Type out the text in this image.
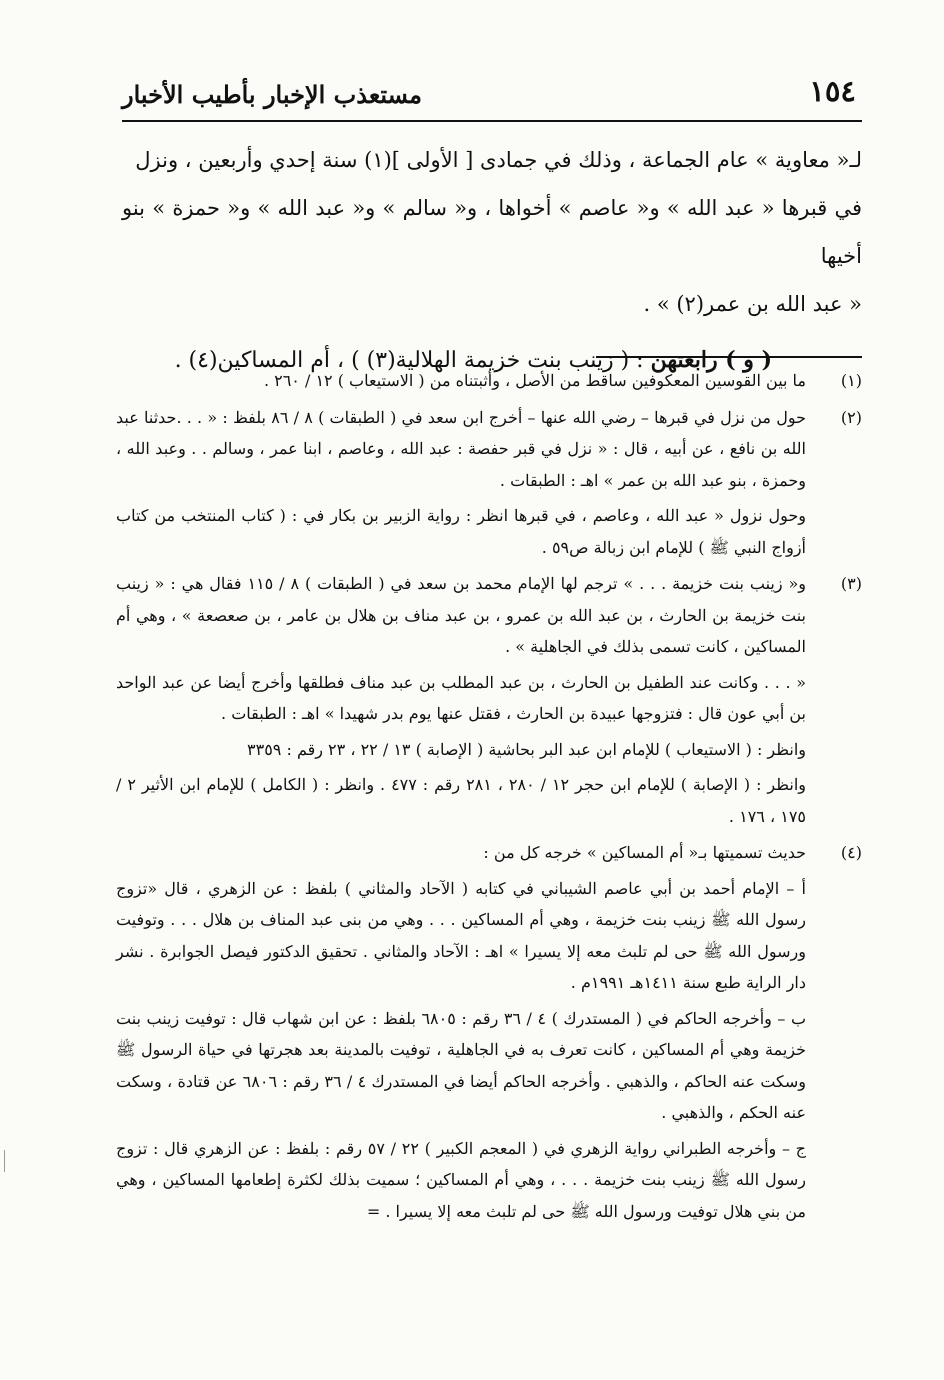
١٥٤
مستعذب الإخبار بأطيب الأخبار

لـ« معاوية » عام الجماعة ، وذلك في جمادى [ الأولى ](١) سنة إحدي وأربعين ، ونزل

في قبرها « عبد الله » و« عاصم » أخواها ، و« سالم » و« عبد الله » و« حمزة » بنو أخيها

« عبد الله بن عمر(٢) » .

( و ) رابعتهن : ( زينب بنت خزيمة الهلالية(٣) ) ، أم المساكين(٤) .

(١)

ما بين القوسين المعكوفين ساقط من الأصل ، وأثبتناه من ( الاستيعاب ) ١٢ / ٢٦٠ .

(٢)

حول من نزل في قبرها – رضي الله عنها – أخرج ابن سعد في ( الطبقات ) ٨ / ٨٦ بلفظ : « . . .حدثنا عبد الله بن نافع ، عن أبيه ، قال : « نزل في قبر حفصة : عبد الله ، وعاصم ، ابنا عمر ، وسالم . . وعبد الله ، وحمزة ، بنو عبد الله بن عمر » اهـ : الطبقات .

وحول نزول « عبد الله ، وعاصم ، في قبرها انظر : رواية الزبير بن بكار في : ( كتاب المنتخب من كتاب أزواج النبي ﷺ ) للإمام ابن زبالة ص٥٩ .

(٣)

و« زينب بنت خزيمة . . . » ترجم لها الإمام محمد بن سعد في ( الطبقات ) ٨ / ١١٥ فقال هي : « زينب بنت خزيمة بن الحارث ، بن عبد الله بن عمرو ، بن عبد مناف بن هلال بن عامر ، بن صعصعة » ، وهي أم المساكين ، كانت تسمى بذلك في الجاهلية » .

« . . . وكانت عند الطفيل بن الحارث ، بن عبد المطلب بن عبد مناف فطلقها وأخرج أيضا عن عبد الواحد بن أبي عون قال : فتزوجها عبيدة بن الحارث ، فقتل عنها يوم بدر شهيدا » اهـ : الطبقات .

وانظر : ( الاستيعاب ) للإمام ابن عبد البر بحاشية ( الإصابة ) ١٣ / ٢٢ ، ٢٣ رقم : ٣٣٥٩

وانظر : ( الإصابة ) للإمام ابن حجر ١٢ / ٢٨٠ ، ٢٨١ رقم : ٤٧٧ . وانظر : ( الكامل ) للإمام ابن الأثير ٢ / ١٧٥ ، ١٧٦ .

(٤)

حديث تسميتها بـ« أم المساكين » خرجه كل من :

أ – الإمام أحمد بن أبي عاصم الشيباني في كتابه ( الآحاد والمثاني ) بلفظ : عن الزهري ، قال «تزوج رسول الله ﷺ زينب بنت خزيمة ، وهي أم المساكين . . . وهي من بنى عبد المناف بن هلال . . . وتوفيت ورسول الله ﷺ حى لم تلبث معه إلا يسيرا » اهـ : الآحاد والمثاني . تحقيق الدكتور فيصل الجوابرة . نشر دار الراية طبع سنة ١٤١١هـ ١٩٩١م .

ب – وأخرجه الحاكم في ( المستدرك ) ٤ / ٣٦ رقم : ٦٨٠٥ بلفظ : عن ابن شهاب قال : توفيت زينب بنت خزيمة وهي أم المساكين ، كانت تعرف به في الجاهلية ، توفيت بالمدينة بعد هجرتها في حياة الرسول ﷺ وسكت عنه الحاكم ، والذهبي . وأخرجه الحاكم أيضا في المستدرك ٤ / ٣٦ رقم : ٦٨٠٦ عن قتادة ، وسكت عنه الحكم ، والذهبي .

ج – وأخرجه الطبراني رواية الزهري في ( المعجم الكبير ) ٢٢ / ٥٧ رقم : بلفظ : عن الزهري قال : تزوج رسول الله ﷺ زينب بنت خزيمة . . . ، وهي أم المساكين ؛ سميت بذلك لكثرة إطعامها المساكين ، وهي من بني هلال توفيت ورسول الله ﷺ حى لم تلبث معه إلا يسيرا . =
